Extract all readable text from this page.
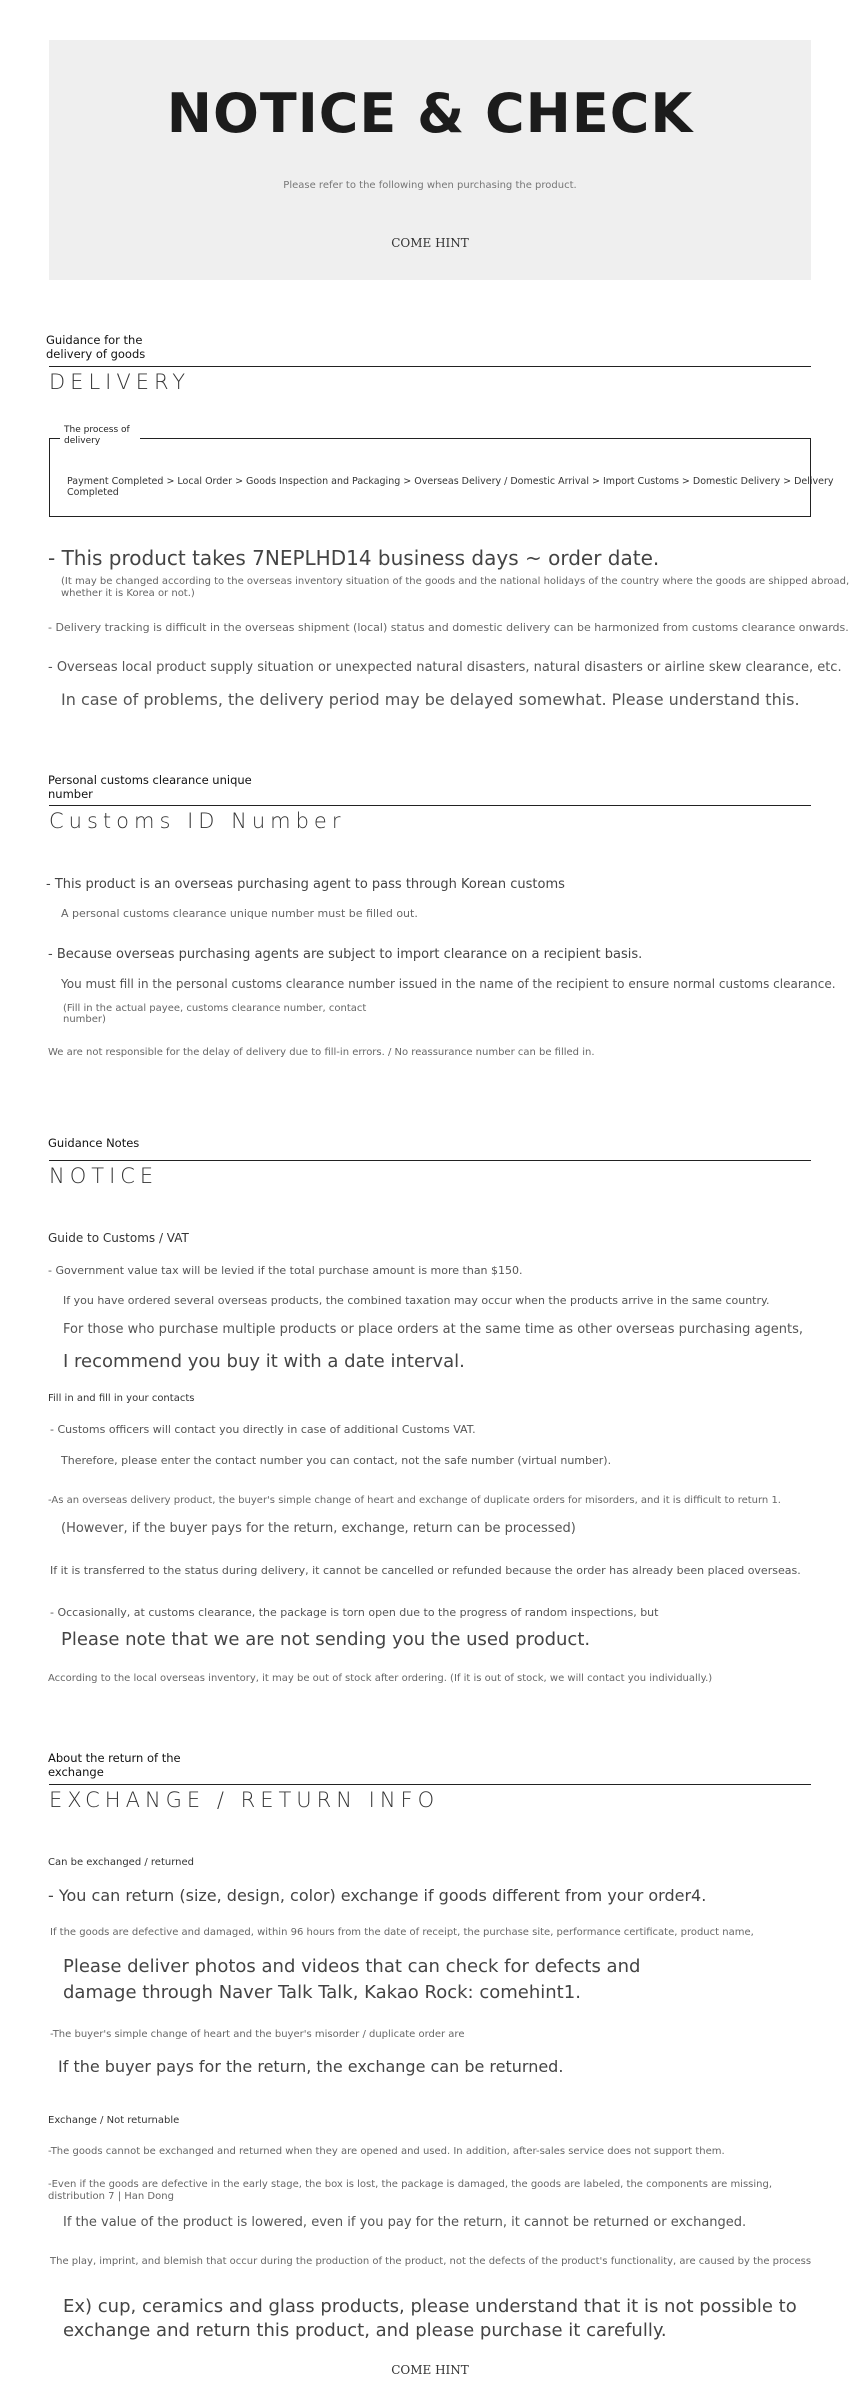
NOTICE & CHECK
Please refer to the following when purchasing the product.
COME HINT
Guidance for the delivery of goods
DELIVERY
The process of delivery
Payment Completed > Local Order > Goods Inspection and Packaging > Overseas Delivery / Domestic Arrival > Import Customs > Domestic Delivery > Delivery Completed
- This product takes 7NEPLHD14 business days ~ order date.
(It may be changed according to the overseas inventory situation of the goods and the national holidays of the country where the goods are shipped abroad,
whether it is Korea or not.)
- Delivery tracking is difficult in the overseas shipment (local) status and domestic delivery can be harmonized from customs clearance onwards.
- Overseas local product supply situation or unexpected natural disasters, natural disasters or airline skew clearance, etc.
In case of problems, the delivery period may be delayed somewhat. Please understand this.
Personal customs clearance unique number
Customs ID Number
- This product is an overseas purchasing agent to pass through Korean customs
A personal customs clearance unique number must be filled out.
- Because overseas purchasing agents are subject to import clearance on a recipient basis.
You must fill in the personal customs clearance number issued in the name of the recipient to ensure normal customs clearance.
(Fill in the actual payee, customs clearance number, contact
number)
We are not responsible for the delay of delivery due to fill-in errors. / No reassurance number can be filled in.
Guidance Notes
NOTICE
Guide to Customs / VAT
- Government value tax will be levied if the total purchase amount is more than $150.
If you have ordered several overseas products, the combined taxation may occur when the products arrive in the same country.
For those who purchase multiple products or place orders at the same time as other overseas purchasing agents,
I recommend you buy it with a date interval.
Fill in and fill in your contacts
- Customs officers will contact you directly in case of additional Customs VAT.
Therefore, please enter the contact number you can contact, not the safe number (virtual number).
-As an overseas delivery product, the buyer's simple change of heart and exchange of duplicate orders for misorders, and it is difficult to return 1.
(However, if the buyer pays for the return, exchange, return can be processed)
If it is transferred to the status during delivery, it cannot be cancelled or refunded because the order has already been placed overseas.
- Occasionally, at customs clearance, the package is torn open due to the progress of random inspections, but
Please note that we are not sending you the used product.
According to the local overseas inventory, it may be out of stock after ordering. (If it is out of stock, we will contact you individually.)
About the return of the exchange
EXCHANGE / RETURN INFO
Can be exchanged / returned
- You can return (size, design, color) exchange if goods different from your order4.
If the goods are defective and damaged, within 96 hours from the date of receipt, the purchase site, performance certificate, product name,
Please deliver photos and videos that can check for defects and
damage through Naver Talk Talk, Kakao Rock: comehint1.
-The buyer's simple change of heart and the buyer's misorder / duplicate order are
If the buyer pays for the return, the exchange can be returned.
Exchange / Not returnable
-The goods cannot be exchanged and returned when they are opened and used. In addition, after-sales service does not support them.
-Even if the goods are defective in the early stage, the box is lost, the package is damaged, the goods are labeled, the components are missing,
distribution 7 | Han Dong
If the value of the product is lowered, even if you pay for the return, it cannot be returned or exchanged.
The play, imprint, and blemish that occur during the production of the product, not the defects of the product's functionality, are caused by the process
Ex) cup, ceramics and glass products, please understand that it is not possible to
exchange and return this product, and please purchase it carefully.
COME HINT
